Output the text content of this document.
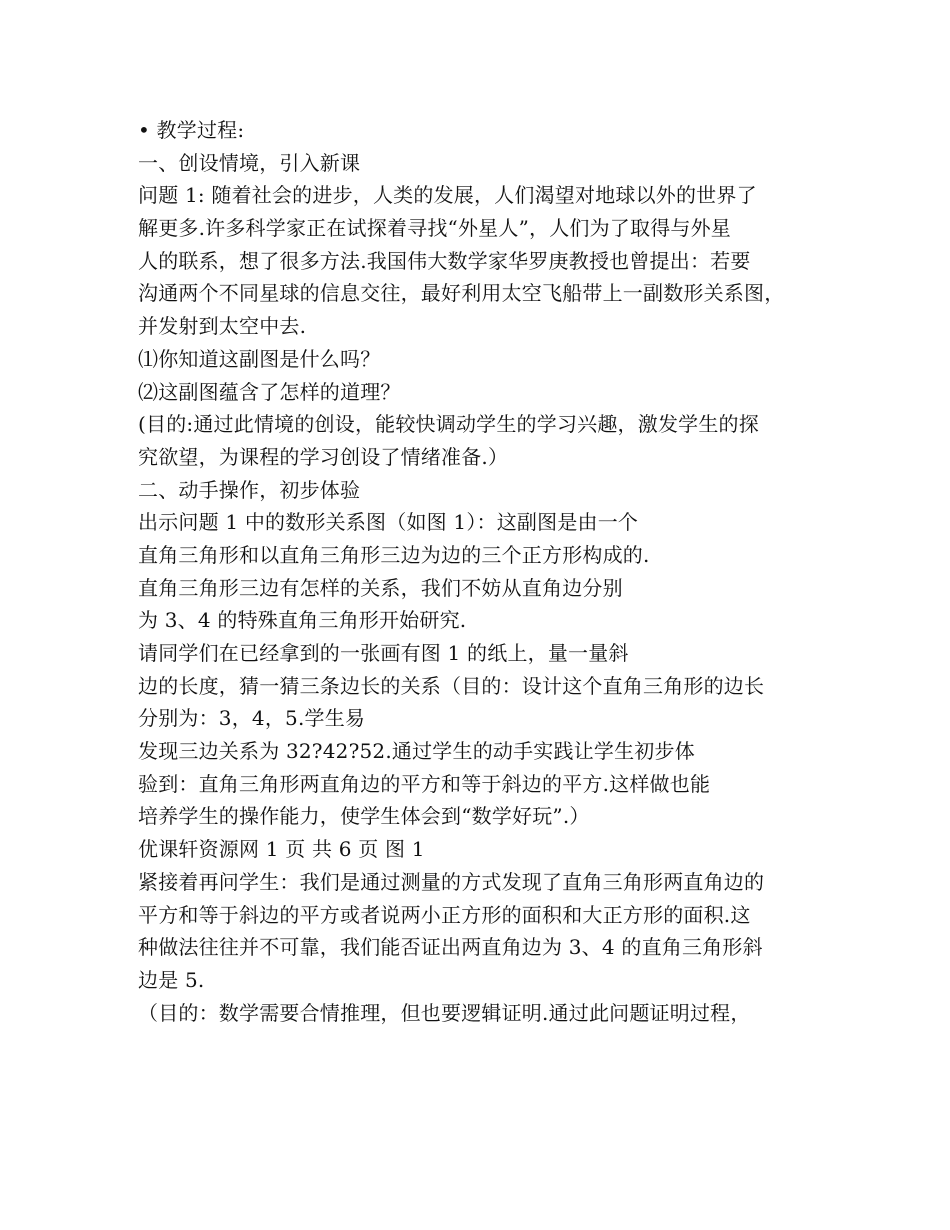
• 教学过程:
一、创设情境，引入新课
问题 1: 随着社会的进步，人类的发展，人们渴望对地球以外的世界了
解更多.许多科学家正在试探着寻找“外星人”，人们为了取得与外星
人的联系，想了很多方法.我国伟大数学家华罗庚教授也曾提出：若要
沟通两个不同星球的信息交往，最好利用太空飞船带上一副数形关系图，
并发射到太空中去.
⑴你知道这副图是什么吗？
⑵这副图蕴含了怎样的道理？
(目的:通过此情境的创设，能较快调动学生的学习兴趣，激发学生的探
究欲望，为课程的学习创设了情绪准备.）
二、动手操作，初步体验
出示问题 1 中的数形关系图（如图 1）：这副图是由一个
直角三角形和以直角三角形三边为边的三个正方形构成的.
直角三角形三边有怎样的关系，我们不妨从直角边分别
为 3、4 的特殊直角三角形开始研究.
请同学们在已经拿到的一张画有图 1 的纸上，量一量斜
边的长度，猜一猜三条边长的关系（目的：设计这个直角三角形的边长
分别为：3，4，5.学生易
发现三边关系为 32?42?52.通过学生的动手实践让学生初步体
验到：直角三角形两直角边的平方和等于斜边的平方.这样做也能
培养学生的操作能力，使学生体会到“数学好玩”.）
优课轩资源网 1 页 共 6 页 图 1
紧接着再问学生：我们是通过测量的方式发现了直角三角形两直角边的
平方和等于斜边的平方或者说两小正方形的面积和大正方形的面积.这
种做法往往并不可靠，我们能否证出两直角边为 3、4 的直角三角形斜
边是 5.
（目的：数学需要合情推理，但也要逻辑证明.通过此问题证明过程，
